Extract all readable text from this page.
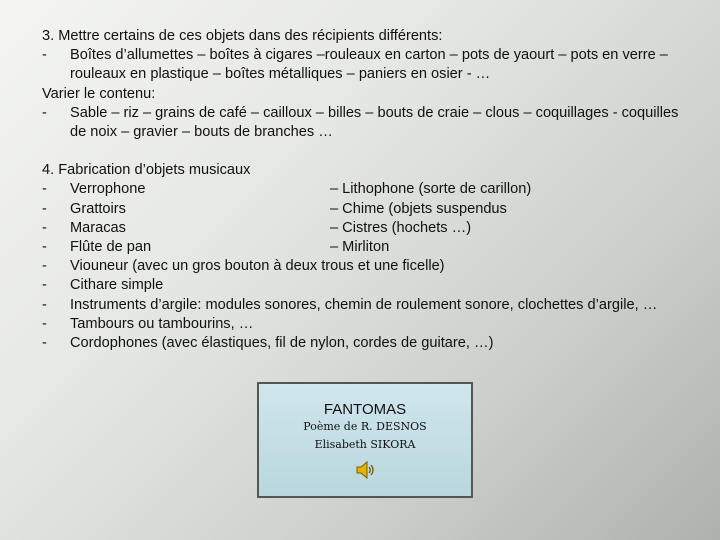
3. Mettre certains de ces objets dans des récipients différents:
-	Boîtes d’allumettes – boîtes à cigares –rouleaux en carton – pots de yaourt – pots en verre – rouleaux en plastique – boîtes métalliques – paniers en osier - …
Varier le contenu:
-	Sable – riz – grains de café – cailloux – billes – bouts de craie – clous – coquillages - coquilles de noix – gravier – bouts de branches …
4. Fabrication d’objets musicaux
-	Verrophone	– Lithophone (sorte de carillon)
-	Grattoirs	– Chime (objets suspendus
-	Maracas	– Cistres (hochets …)
-	Flûte de pan	– Mirliton
-	Viouneur (avec un gros bouton à deux trous et une ficelle)
-	Cithare simple
-	Instruments d’argile: modules sonores, chemin de roulement sonore, clochettes d’argile, …
-	Tambours ou tambourins, …
-	Cordophones (avec élastiques, fil de nylon, cordes de guitare, …)
FANTOMAS
Poème de R. DESNOS
Elisabeth SIKORA
